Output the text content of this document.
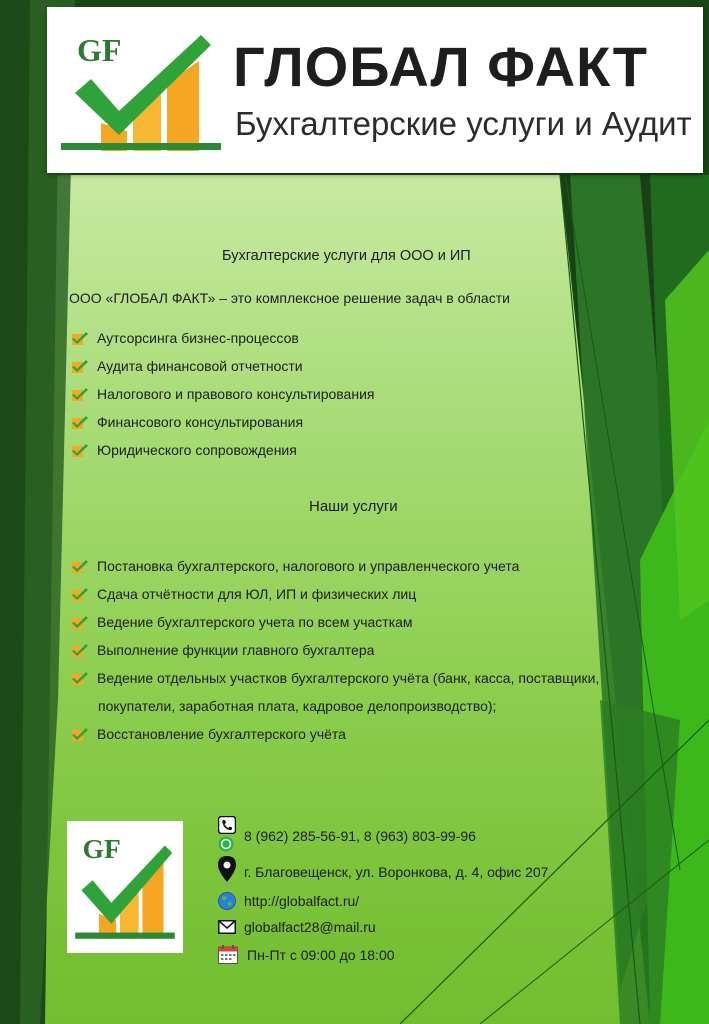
GF ГЛОБАЛ ФАКТ
Бухгалтерские услуги и Аудит
Бухгалтерские услуги для ООО и ИП
ООО «ГЛОБАЛ ФАКТ» – это комплексное решение задач в области
Аутсорсинга бизнес-процессов
Аудита финансовой отчетности
Налогового и правового консультирования
Финансового консультирования
Юридического сопровождения
Наши услуги
Постановка бухгалтерского, налогового и управленческого учета
Сдача отчётности для ЮЛ, ИП и физических лиц
Ведение бухгалтерского учета по всем участкам
Выполнение функции главного бухгалтера
Ведение отдельных участков бухгалтерского учёта (банк, касса, поставщики,
покупатели, заработная плата, кадровое делопроизводство);
Восстановление бухгалтерского учёта
GF	8 (962) 285-56-91, 8 (963) 803-99-96
г. Благовещенск, ул. Воронкова, д. 4, офис 207
http://globalfact.ru/
globalfact28@mail.ru
Пн-Пт с 09:00 до 18:00
